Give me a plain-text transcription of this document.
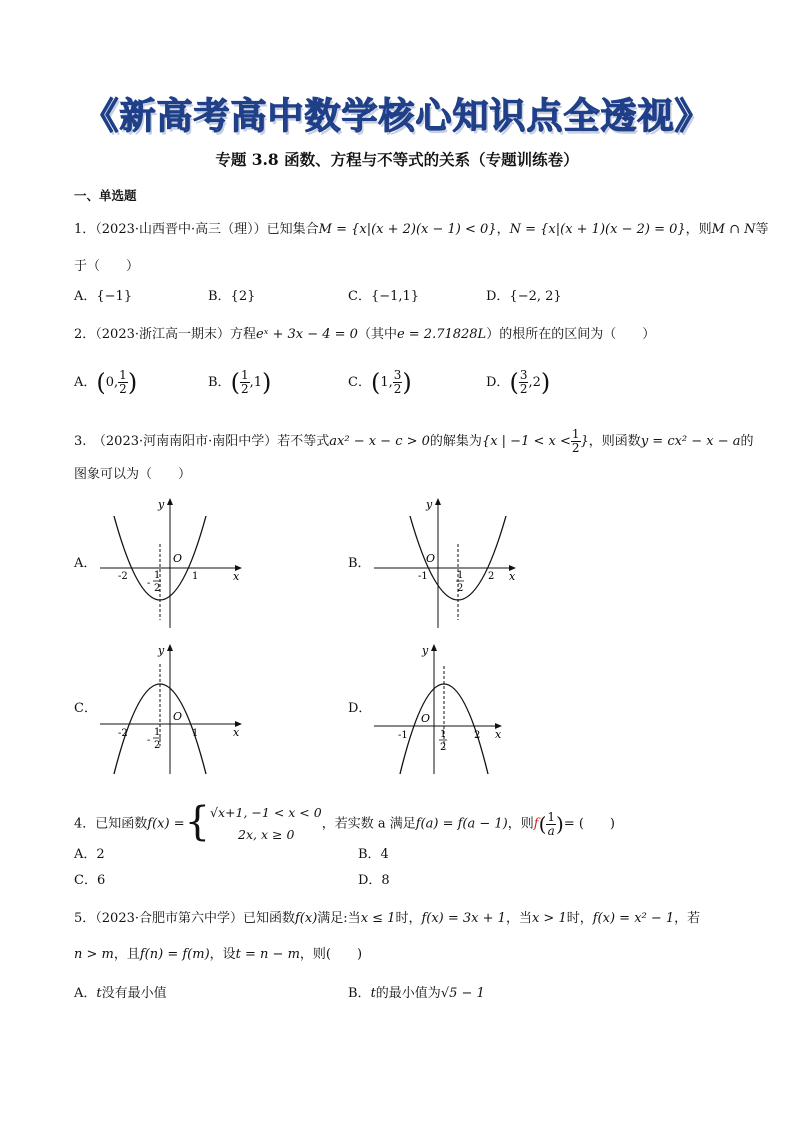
《新高考高中数学核心知识点全透视》
专题 3.8 函数、方程与不等式的关系（专题训练卷）
一、单选题
1．（2023·山西晋中·高三（理））已知集合M = {x|(x + 2)(x − 1) < 0}，N = {x|(x + 1)(x − 2) = 0}，则M ∩ N等
于（　　）
A．{−1}	B．{2}	C．{−1,1}	D．{−2, 2}
2．（2023·浙江高一期末）方程eˣ + 3x − 4 = 0（其中e = 2.71828L）的根所在的区间为（　　）
A．(0, $\frac{1}{2}$ )	B．( $\frac{1}{2} ,1$)	C．(1, $\frac{3}{2}$ )	D．( $\frac{3}{2} ,2$)
3.　（2023·河南南阳市·南阳中学）若不等式ax² − x − c > 0的解集为{x | $-1 < x < \frac{1}{2}$ }，则函数y = cx² − x − a的
图象可以为（　　）
A．	B．
C．	D．
y
x
O
-2	1
-
1
2
y
x
O
-1	2
1
2
y
x
O
-2	1
-
1
2
y
x
O
-1	2
1
2
4．已知函数f(x) ={ √x+1, −1 < x < 0
2x, x ≥ 0
，若实数 a 满足f(a) = f(a − 1)，则$f( \frac{1}{a}$ )= (　　)
A．2	B．4
C．6	D．8
5．（2023·合肥市第六中学）已知函数f(x)满足:当x ≤ 1时，f(x) = 3x + 1，当x > 1时，f(x) = x² − 1，若
n > m，且f(n) = f(m)，设t = n − m，则(　　)
A．t没有最小值	B．t的最小值为√5 − 1
